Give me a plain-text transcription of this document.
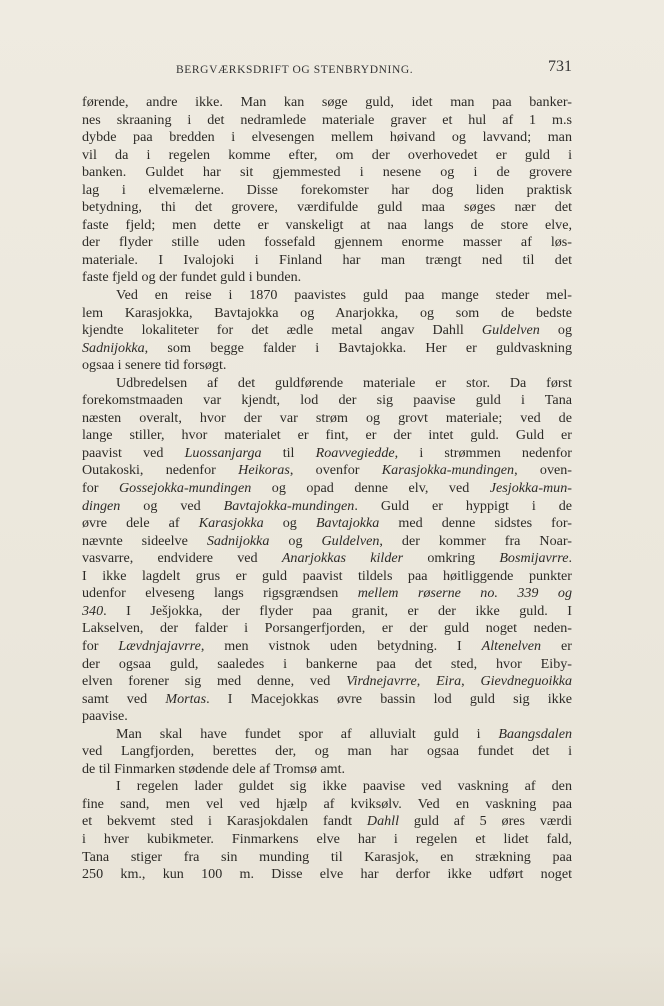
BERGVÆRKSDRIFT OG STENBRYDNING.	731
førende, andre ikke. Man kan søge guld, idet man paa banker-
nes skraaning i det nedramlede materiale graver et hul af 1 m.s
dybde paa bredden i elvesengen mellem høivand og lavvand; man
vil da i regelen komme efter, om der overhovedet er guld i
banken. Guldet har sit gjemmested i nesene og i de grovere
lag i elvemælerne. Disse forekomster har dog liden praktisk
betydning, thi det grovere, værdifulde guld maa søges nær det
faste fjeld; men dette er vanskeligt at naa langs de store elve,
der flyder stille uden fossefald gjennem enorme masser af løs-
materiale. I Ivalojoki i Finland har man trængt ned til det
faste fjeld og der fundet guld i bunden.
Ved en reise i 1870 paavistes guld paa mange steder mel-
lem Karasjokka, Bavtajokka og Anarjokka, og som de bedste
kjendte lokaliteter for det ædle metal angav Dahll Guldelven og
Sadnijokka, som begge falder i Bavtajokka. Her er guldvaskning
ogsaa i senere tid forsøgt.
Udbredelsen af det guldførende materiale er stor. Da først
forekomstmaaden var kjendt, lod der sig paavise guld i Tana
næsten overalt, hvor der var strøm og grovt materiale; ved de
lange stiller, hvor materialet er fint, er der intet guld. Guld er
paavist ved Luossanjarga til Roavvegiedde, i strømmen nedenfor
Outakoski, nedenfor Heikoras, ovenfor Karasjokka-mundingen, oven-
for Gossejokka-mundingen og opad denne elv, ved Jesjokka-mun-
dingen og ved Bavtajokka-mundingen. Guld er hyppigt i de
øvre dele af Karasjokka og Bavtajokka med denne sidstes for-
nævnte sideelve Sadnijokka og Guldelven, der kommer fra Noar-
vasvarre, endvidere ved Anarjokkas kilder omkring Bosmijavrre.
I ikke lagdelt grus er guld paavist tildels paa høitliggende punkter
udenfor elveseng langs rigsgrændsen mellem røserne no. 339 og
340. I Ješjokka, der flyder paa granit, er der ikke guld. I
Lakselven, der falder i Porsangerfjorden, er der guld noget neden-
for Lævdnjajavrre, men vistnok uden betydning. I Altenelven er
der ogsaa guld, saaledes i bankerne paa det sted, hvor Eiby-
elven forener sig med denne, ved Virdnejavrre, Eira, Gievdneguoikka
samt ved Mortas. I Macejokkas øvre bassin lod guld sig ikke
paavise.
Man skal have fundet spor af alluvialt guld i Baangsdalen
ved Langfjorden, berettes der, og man har ogsaa fundet det i
de til Finmarken stødende dele af Tromsø amt.
I regelen lader guldet sig ikke paavise ved vaskning af den
fine sand, men vel ved hjælp af kviksølv. Ved en vaskning paa
et bekvemt sted i Karasjokdalen fandt Dahll guld af 5 øres værdi
i hver kubikmeter. Finmarkens elve har i regelen et lidet fald,
Tana stiger fra sin munding til Karasjok, en strækning paa
250 km., kun 100 m. Disse elve har derfor ikke udført noget
